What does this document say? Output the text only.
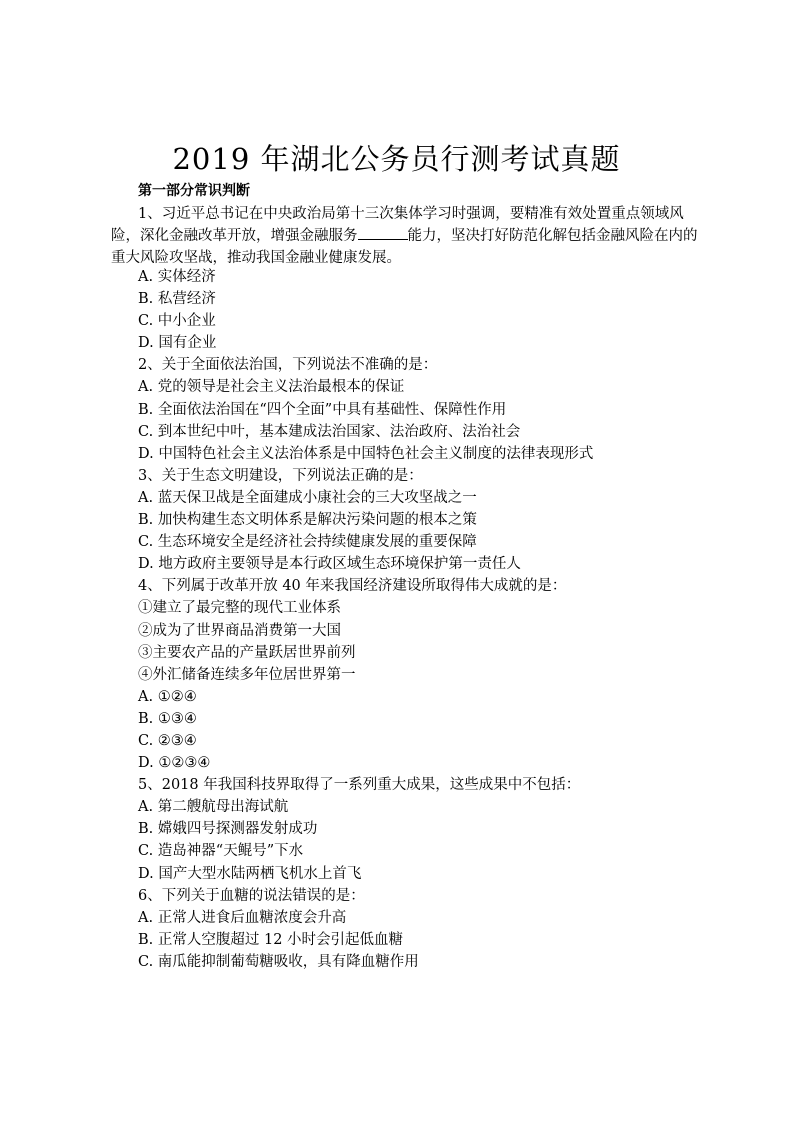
2019 年湖北公务员行测考试真题
第一部分常识判断
1、习近平总书记在中央政治局第十三次集体学习时强调，要精准有效处置重点领域风险，深化金融改革开放，增强金融服务	能力，坚决打好防范化解包括金融风险在内的重大风险攻坚战，推动我国金融业健康发展。
A. 实体经济
B. 私营经济
C. 中小企业
D. 国有企业
2、关于全面依法治国，下列说法不准确的是：
A. 党的领导是社会主义法治最根本的保证
B. 全面依法治国在“四个全面”中具有基础性、保障性作用
C. 到本世纪中叶，基本建成法治国家、法治政府、法治社会
D. 中国特色社会主义法治体系是中国特色社会主义制度的法律表现形式
3、关于生态文明建设，下列说法正确的是：
A. 蓝天保卫战是全面建成小康社会的三大攻坚战之一
B. 加快构建生态文明体系是解决污染问题的根本之策
C. 生态环境安全是经济社会持续健康发展的重要保障
D. 地方政府主要领导是本行政区域生态环境保护第一责任人
4、下列属于改革开放 40 年来我国经济建设所取得伟大成就的是：
①建立了最完整的现代工业体系
②成为了世界商品消费第一大国
③主要农产品的产量跃居世界前列
④外汇储备连续多年位居世界第一
A. ①②④
B. ①③④
C. ②③④
D. ①②③④
5、2018 年我国科技界取得了一系列重大成果，这些成果中不包括：
A. 第二艘航母出海试航
B. 嫦娥四号探测器发射成功
C. 造岛神器“天鲲号”下水
D. 国产大型水陆两栖飞机水上首飞
6、下列关于血糖的说法错误的是：
A. 正常人进食后血糖浓度会升高
B. 正常人空腹超过 12 小时会引起低血糖
C. 南瓜能抑制葡萄糖吸收，具有降血糖作用
